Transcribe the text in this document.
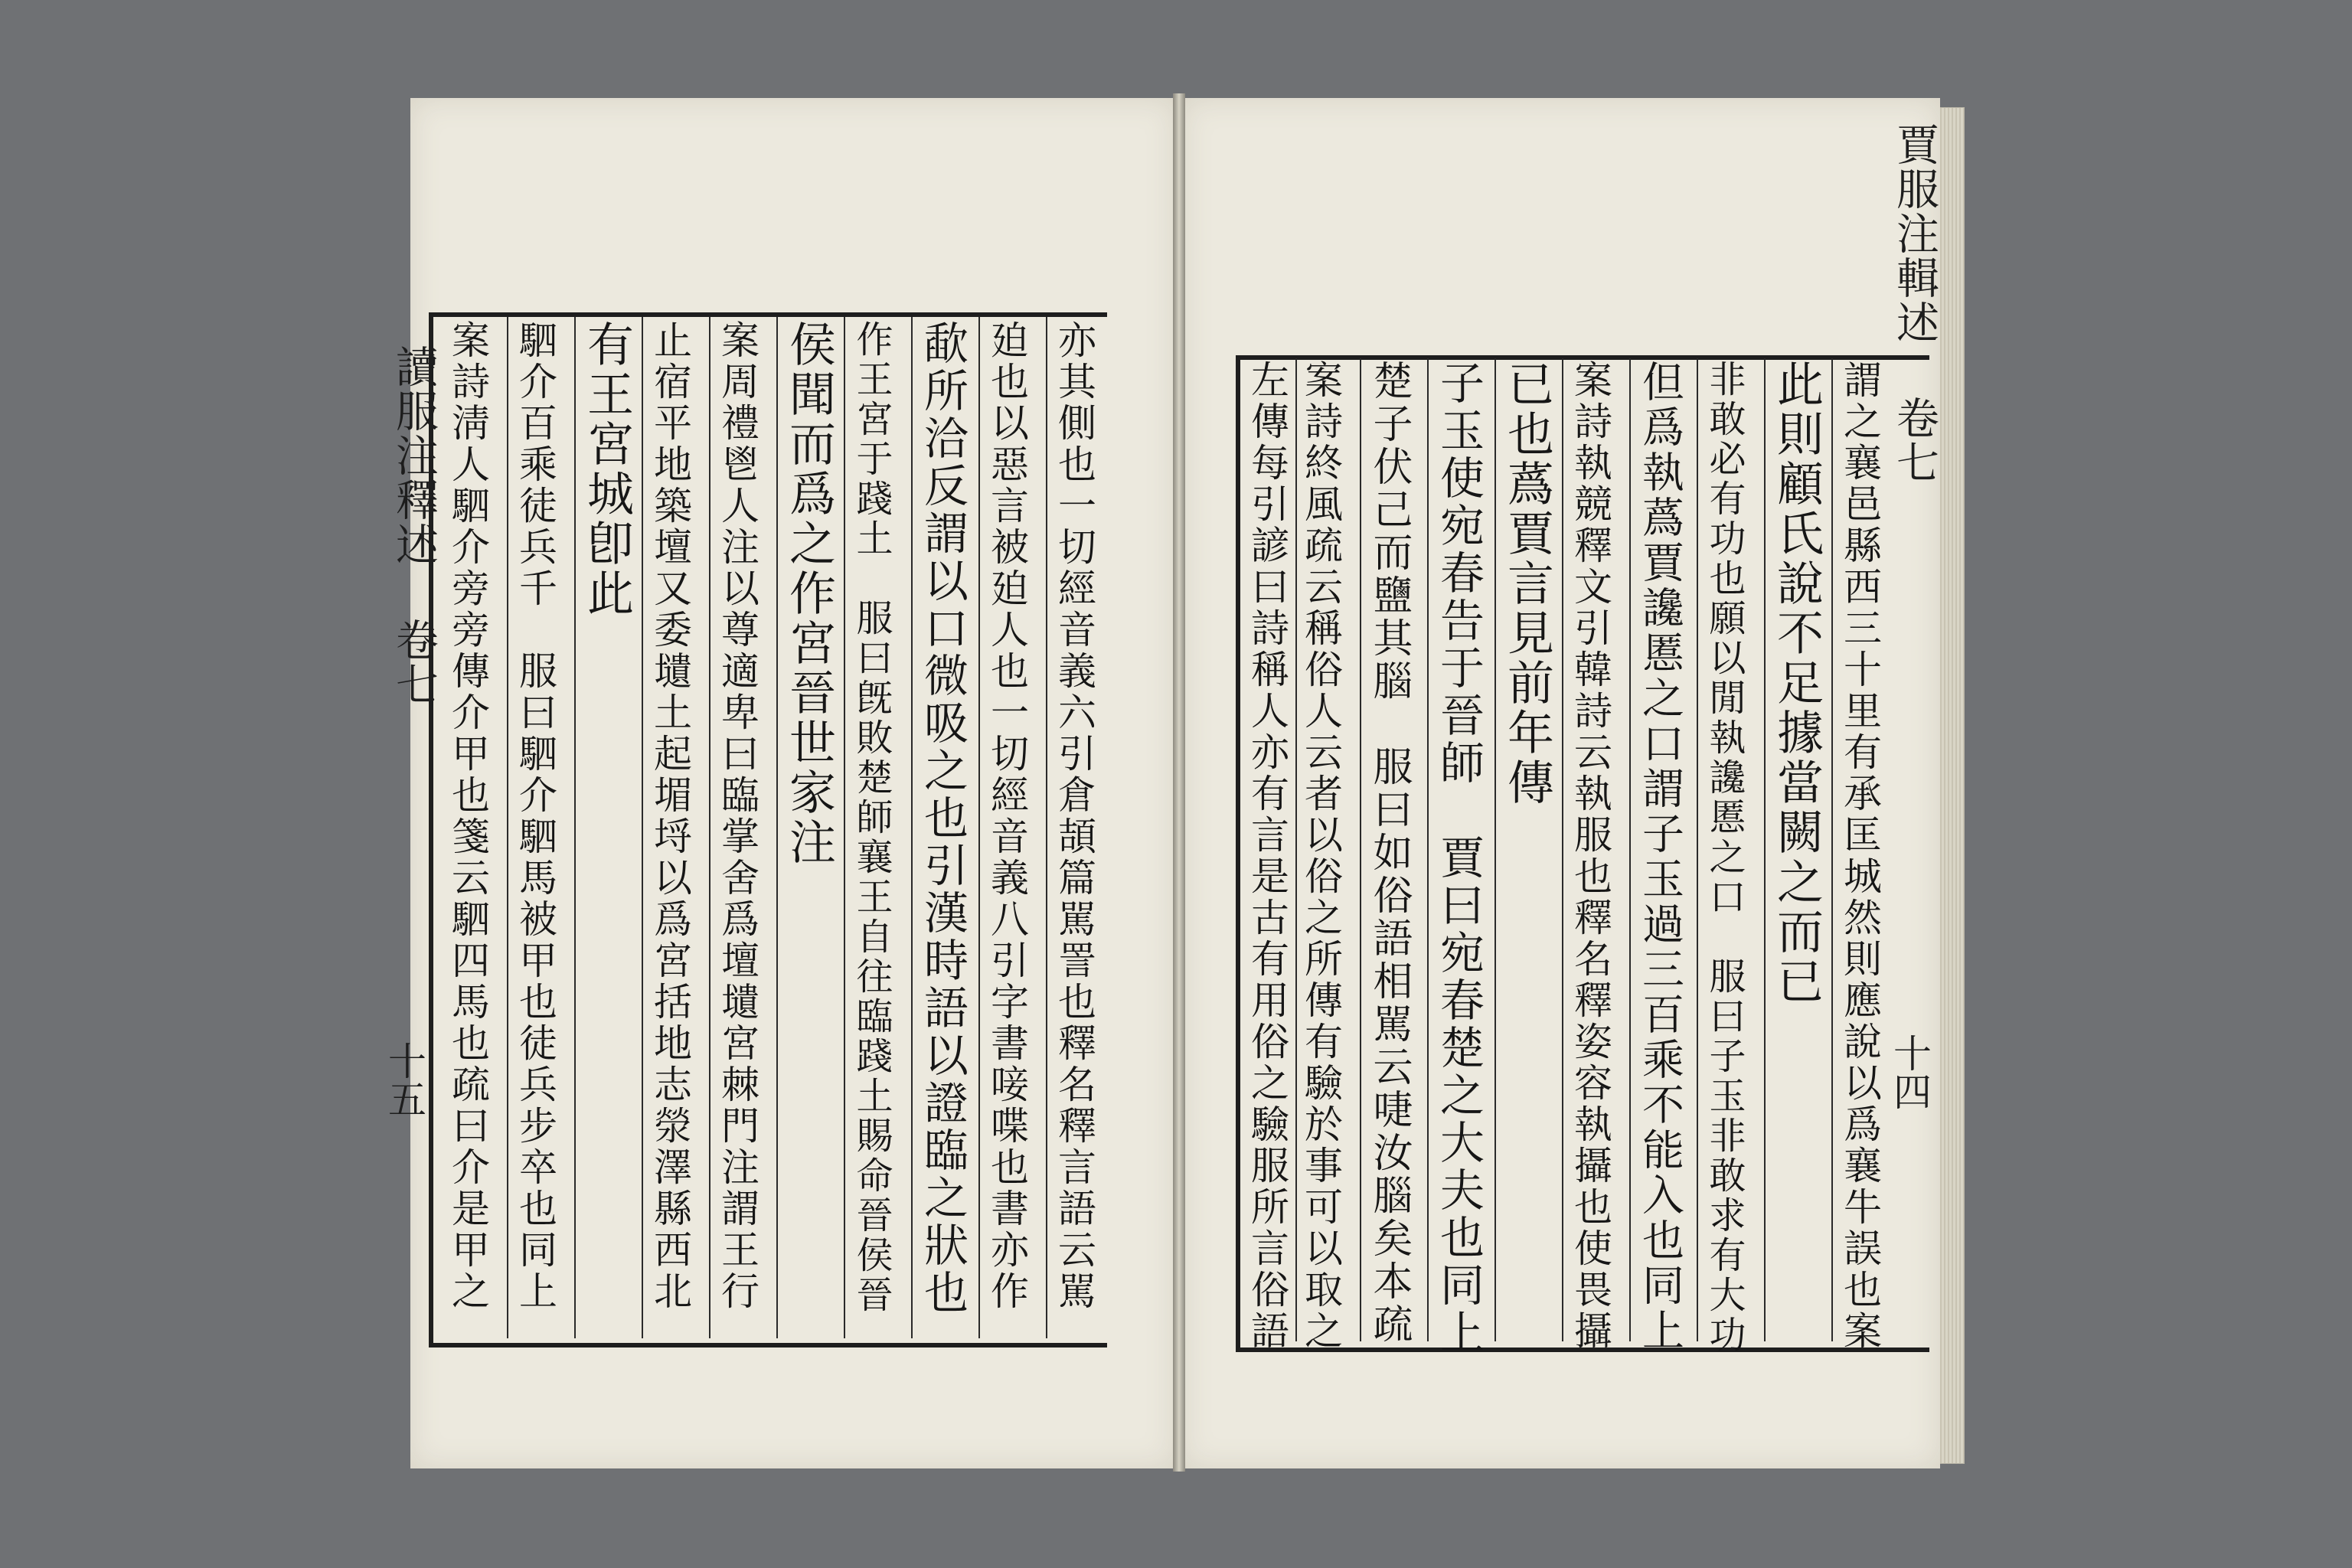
讀服注釋述 卷七
十五
賈服注輯述 卷七
十四
亦其側也一切經音義六引倉頡篇駡詈也釋名釋言語云駡
廹也以惡言被廹人也一切經音義八引字書唼喋也書亦作
歃所洽反謂以口微吸之也引漢時語以證臨之狀也
作王宮于踐土　服曰旣敗楚師襄王自往臨踐土賜命晉侯晉
侯聞而爲之作宮晉世家注
案周禮鬯人注以尊適卑曰臨掌舍爲壇壝宮棘門注謂王行
止宿平地築壇又委壝土起堳埒以爲宮括地志滎澤縣西北
有王宮城卽此
駟介百乘徒兵千　服曰駟介駟馬被甲也徒兵步卒也同上
案詩淸人駟介旁旁傳介甲也箋云駟四馬也疏曰介是甲之	謂之襄邑縣西三十里有承匡城然則應說以爲襄牛誤也案
此則顧氏說不足據當闕之而已
非敢必有功也願以閒執讒慝之口　服曰子玉非敢求有大功
但爲執蔿賈讒慝之口謂子玉過三百乘不能入也同上
案詩執競釋文引韓詩云執服也釋名釋姿容執攝也使畏攝
已也蔿賈言見前年傳
子玉使宛春告于晉師　賈曰宛春楚之大夫也同上
楚子伏己而鹽其腦　服曰如俗語相駡云啑汝腦矣本疏
案詩終風疏云稱俗人云者以俗之所傳有驗於事可以取之
左傳每引諺曰詩稱人亦有言是古有用俗之驗服所言俗語
